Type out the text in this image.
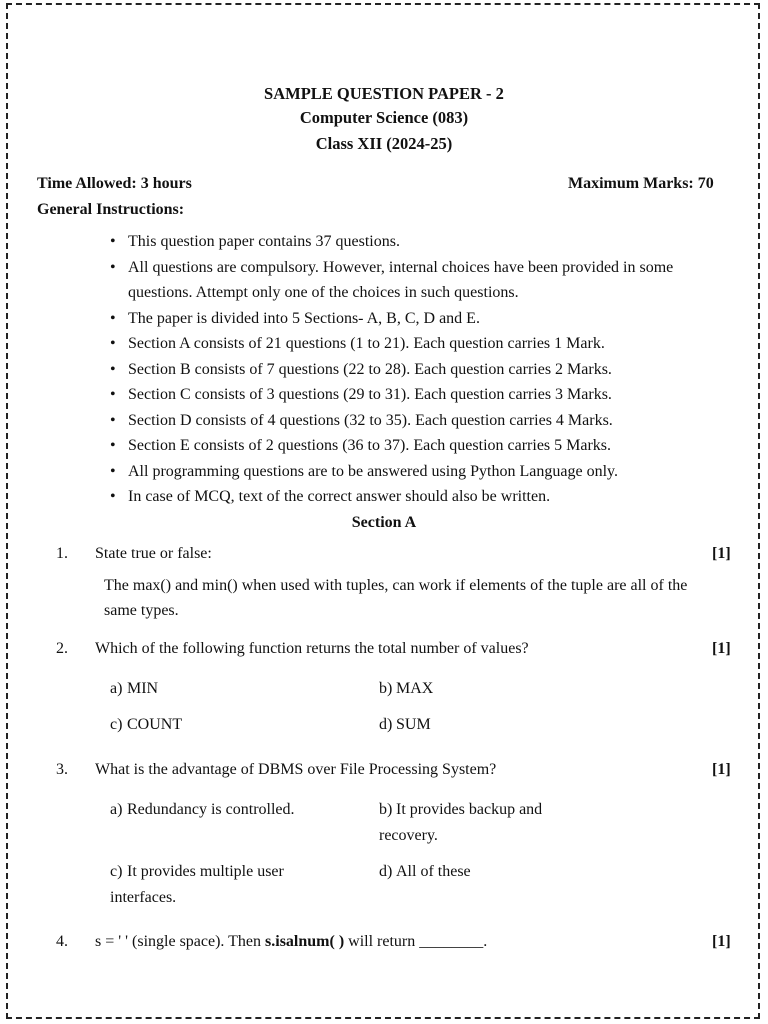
SAMPLE QUESTION PAPER - 2
Computer Science (083)
Class XII (2024-25)
Time Allowed: 3 hours	Maximum Marks: 70
General Instructions:
• This question paper contains 37 questions.
• All questions are compulsory. However, internal choices have been provided in some questions. Attempt only one of the choices in such questions.
• The paper is divided into 5 Sections- A, B, C, D and E.
• Section A consists of 21 questions (1 to 21). Each question carries 1 Mark.
• Section B consists of 7 questions (22 to 28). Each question carries 2 Marks.
• Section C consists of 3 questions (29 to 31). Each question carries 3 Marks.
• Section D consists of 4 questions (32 to 35). Each question carries 4 Marks.
• Section E consists of 2 questions (36 to 37). Each question carries 5 Marks.
• All programming questions are to be answered using Python Language only.
• In case of MCQ, text of the correct answer should also be written.
Section A
1. State true or false:	[1]
The max() and min() when used with tuples, can work if elements of the tuple are all of the same types.
2. Which of the following function returns the total number of values?	[1]
a) MIN	b) MAX
c) COUNT	d) SUM
3. What is the advantage of DBMS over File Processing System?	[1]
a) Redundancy is controlled.	b) It provides backup and recovery.
c) It provides multiple user interfaces.
d) All of these
4. s = ' ' (single space). Then s.isalnum( ) will return ________.	[1]
